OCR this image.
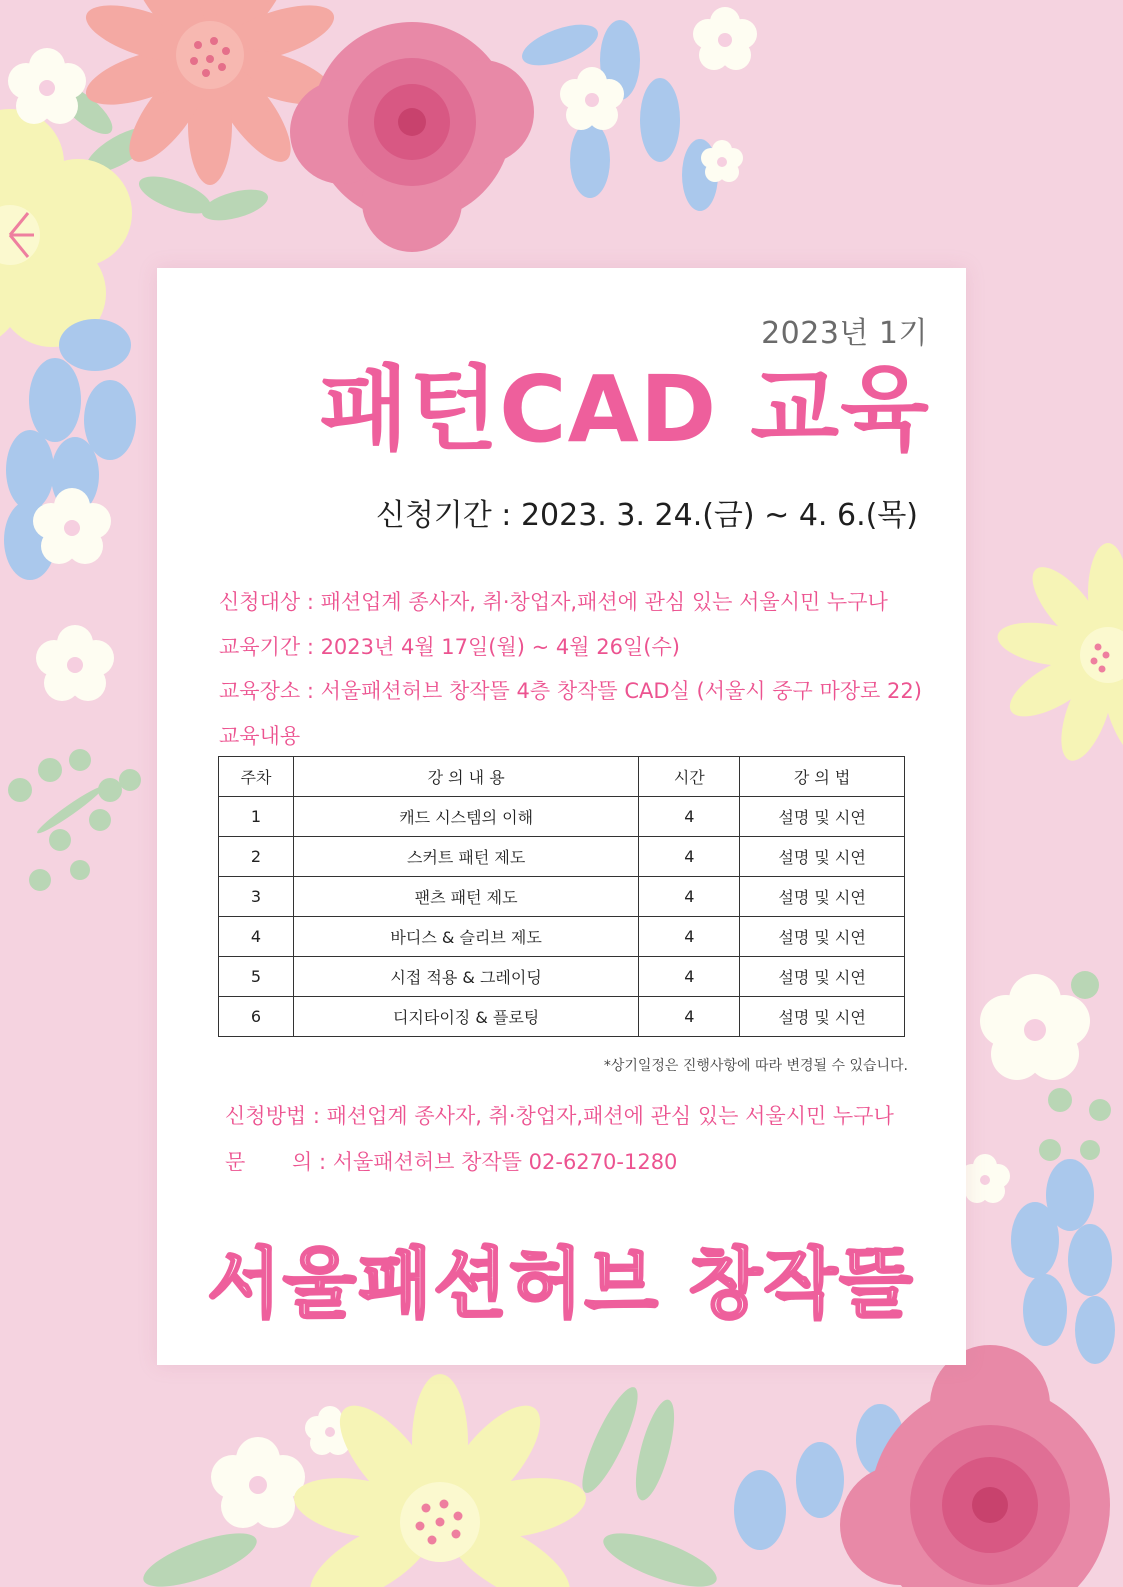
2023년 1기
패턴CAD 교육
신청기간 : 2023. 3. 24.(금) ~ 4. 6.(목)
신청대상 : 패션업계 종사자, 취·창업자,패션에 관심 있는 서울시민 누구나
교육기간 : 2023년 4월 17일(월) ~ 4월 26일(수)
교육장소 : 서울패션허브 창작뜰 4층 창작뜰 CAD실 (서울시 중구 마장로 22)
교육내용
주차	강 의 내 용	시간	강 의 법
1	캐드 시스템의 이해	4	설명 및 시연
2	스커트 패턴 제도	4	설명 및 시연
3	팬츠 패턴 제도	4	설명 및 시연
4	바디스 & 슬리브 제도	4	설명 및 시연
5	시접 적용 & 그레이딩	4	설명 및 시연
6	디지타이징 & 플로팅	4	설명 및 시연
*상기일정은 진행사항에 따라 변경될 수 있습니다.
신청방법 : 패션업계 종사자, 취·창업자,패션에 관심 있는 서울시민 누구나
문       의 : 서울패션허브 창작뜰 02-6270-1280
서울패션허브 창작뜰
